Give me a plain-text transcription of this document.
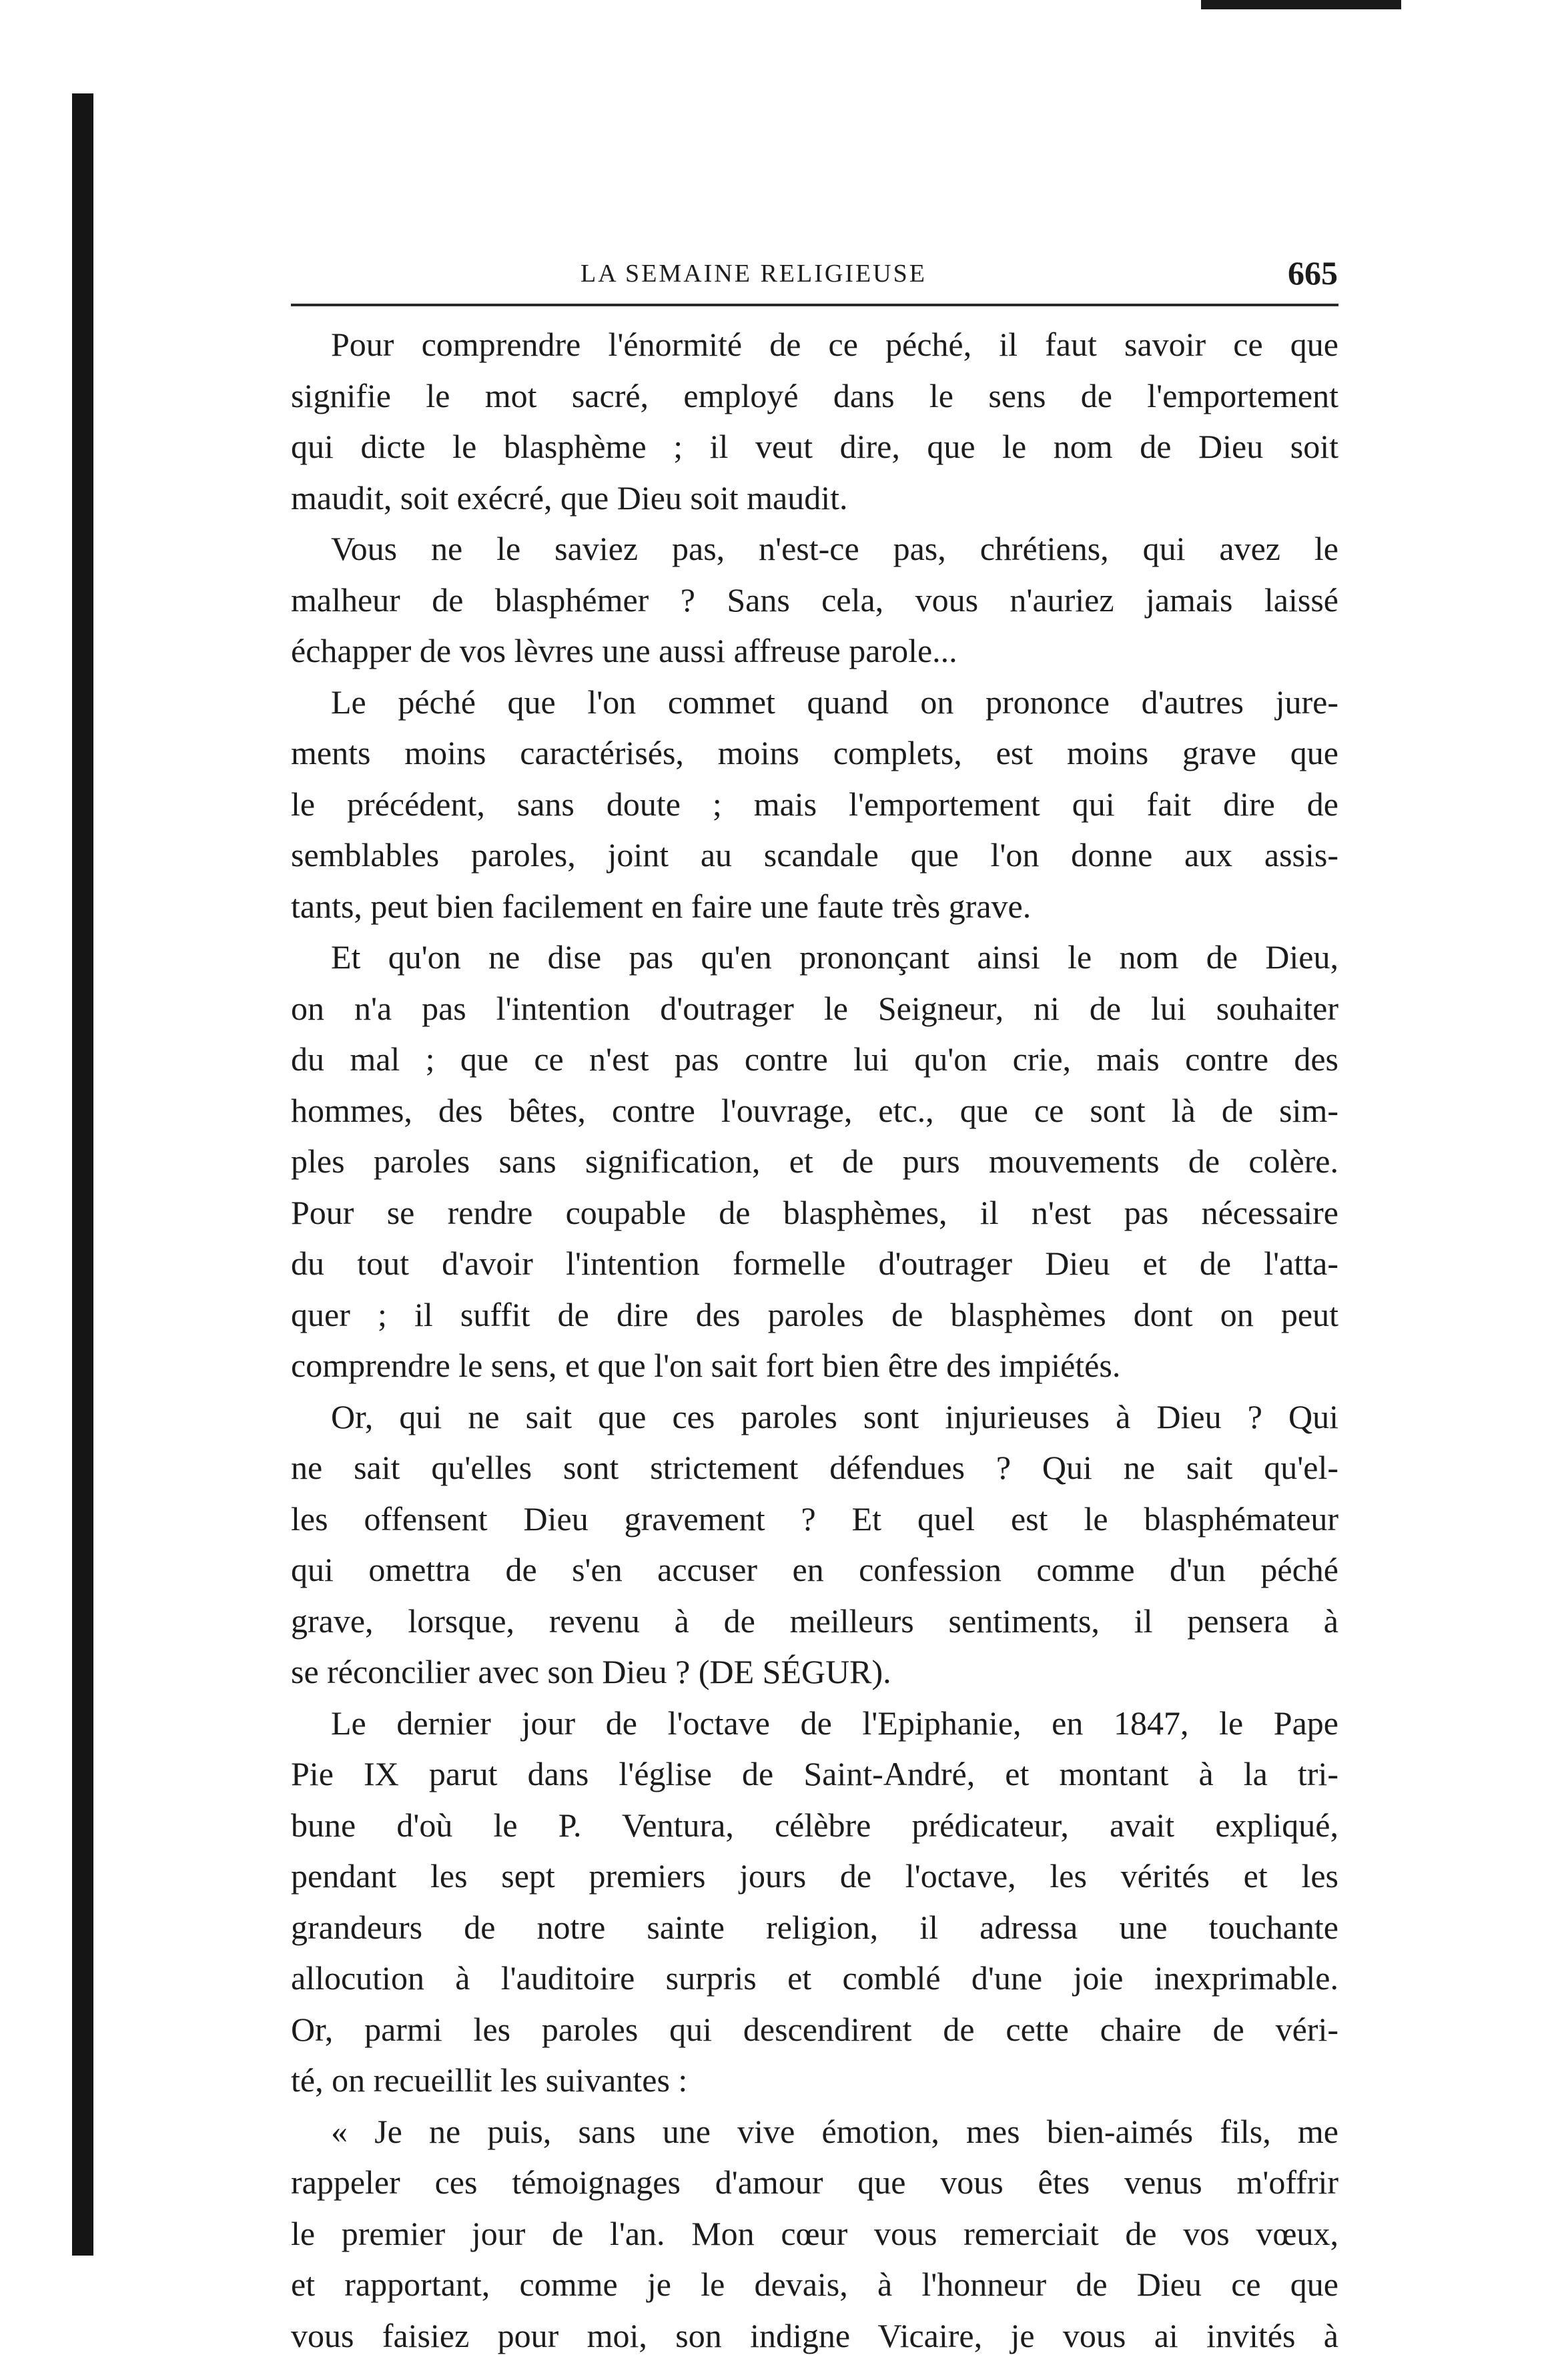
LA SEMAINE RELIGIEUSE	665
Pour comprendre l'énormité de ce péché, il faut savoir ce que
signifie le mot sacré, employé dans le sens de l'emportement
qui dicte le blasphème ; il veut dire, que le nom de Dieu soit
maudit, soit exécré, que Dieu soit maudit.
Vous ne le saviez pas, n'est-ce pas, chrétiens, qui avez le
malheur de blasphémer ? Sans cela, vous n'auriez jamais laissé
échapper de vos lèvres une aussi affreuse parole...
Le péché que l'on commet quand on prononce d'autres jure-
ments moins caractérisés, moins complets, est moins grave que
le précédent, sans doute ; mais l'emportement qui fait dire de
semblables paroles, joint au scandale que l'on donne aux assis-
tants, peut bien facilement en faire une faute très grave.
Et qu'on ne dise pas qu'en prononçant ainsi le nom de Dieu,
on n'a pas l'intention d'outrager le Seigneur, ni de lui souhaiter
du mal ; que ce n'est pas contre lui qu'on crie, mais contre des
hommes, des bêtes, contre l'ouvrage, etc., que ce sont là de sim-
ples paroles sans signification, et de purs mouvements de colère.
Pour se rendre coupable de blasphèmes, il n'est pas nécessaire
du tout d'avoir l'intention formelle d'outrager Dieu et de l'atta-
quer ; il suffit de dire des paroles de blasphèmes dont on peut
comprendre le sens, et que l'on sait fort bien être des impiétés.
Or, qui ne sait que ces paroles sont injurieuses à Dieu ? Qui
ne sait qu'elles sont strictement défendues ? Qui ne sait qu'el-
les offensent Dieu gravement ? Et quel est le blasphémateur
qui omettra de s'en accuser en confession comme d'un péché
grave, lorsque, revenu à de meilleurs sentiments, il pensera à
se réconcilier avec son Dieu ? (DE SÉGUR).
Le dernier jour de l'octave de l'Epiphanie, en 1847, le Pape
Pie IX parut dans l'église de Saint-André, et montant à la tri-
bune d'où le P. Ventura, célèbre prédicateur, avait expliqué,
pendant les sept premiers jours de l'octave, les vérités et les
grandeurs de notre sainte religion, il adressa une touchante
allocution à l'auditoire surpris et comblé d'une joie inexprimable.
Or, parmi les paroles qui descendirent de cette chaire de véri-
té, on recueillit les suivantes :
« Je ne puis, sans une vive émotion, mes bien-aimés fils, me
rappeler ces témoignages d'amour que vous êtes venus m'offrir
le premier jour de l'an. Mon cœur vous remerciait de vos vœux,
et rapportant, comme je le devais, à l'honneur de Dieu ce que
vous faisiez pour moi, son indigne Vicaire, je vous ai invités à
